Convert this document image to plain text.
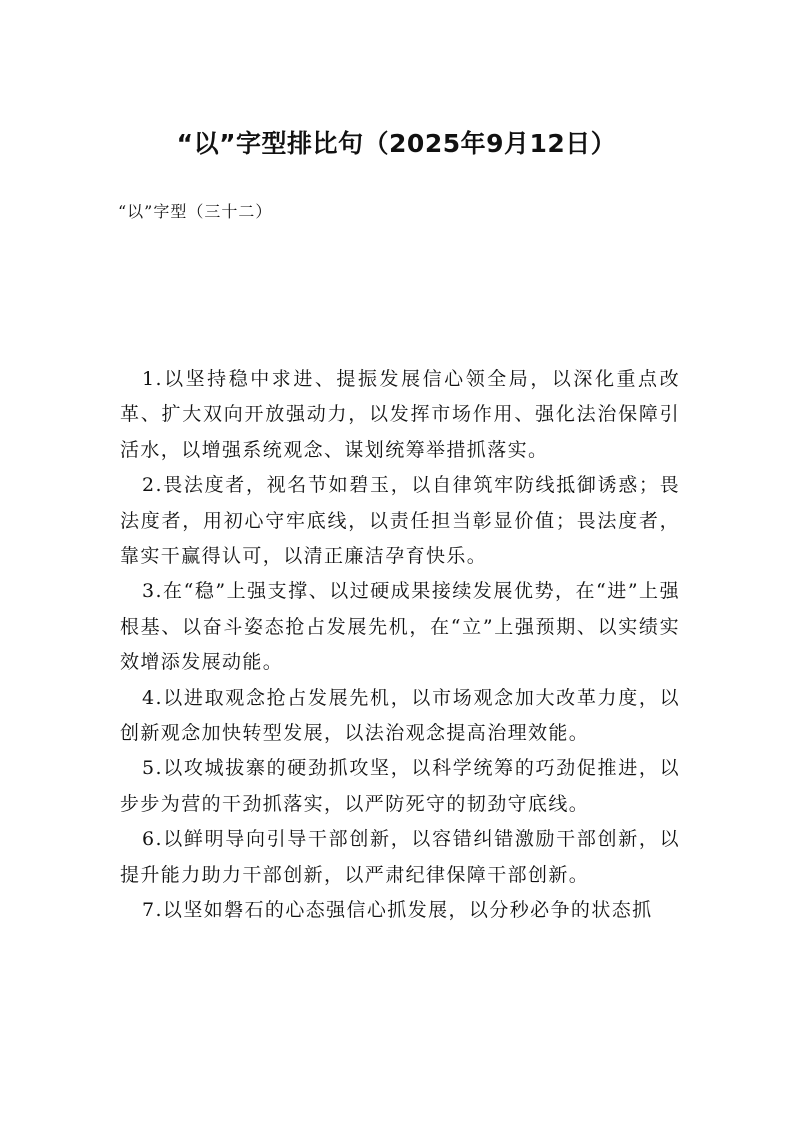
“以”字型排比句（2025年9月12日）
“以”字型（三十二）

1.以坚持稳中求进、提振发展信心领全局，以深化重点改革、扩大双向开放强动力，以发挥市场作用、强化法治保障引活水，以增强系统观念、谋划统筹举措抓落实。

2.畏法度者，视名节如碧玉，以自律筑牢防线抵御诱惑；畏法度者，用初心守牢底线，以责任担当彰显价值；畏法度者，靠实干赢得认可，以清正廉洁孕育快乐。

3.在“稳”上强支撑、以过硬成果接续发展优势，在“进”上强根基、以奋斗姿态抢占发展先机，在“立”上强预期、以实绩实效增添发展动能。

4.以进取观念抢占发展先机，以市场观念加大改革力度，以创新观念加快转型发展，以法治观念提高治理效能。

5.以攻城拔寨的硬劲抓攻坚，以科学统筹的巧劲促推进，以步步为营的干劲抓落实，以严防死守的韧劲守底线。

6.以鲜明导向引导干部创新，以容错纠错激励干部创新，以提升能力助力干部创新，以严肃纪律保障干部创新。

7.以坚如磐石的心态强信心抓发展，以分秒必争的状态抓
